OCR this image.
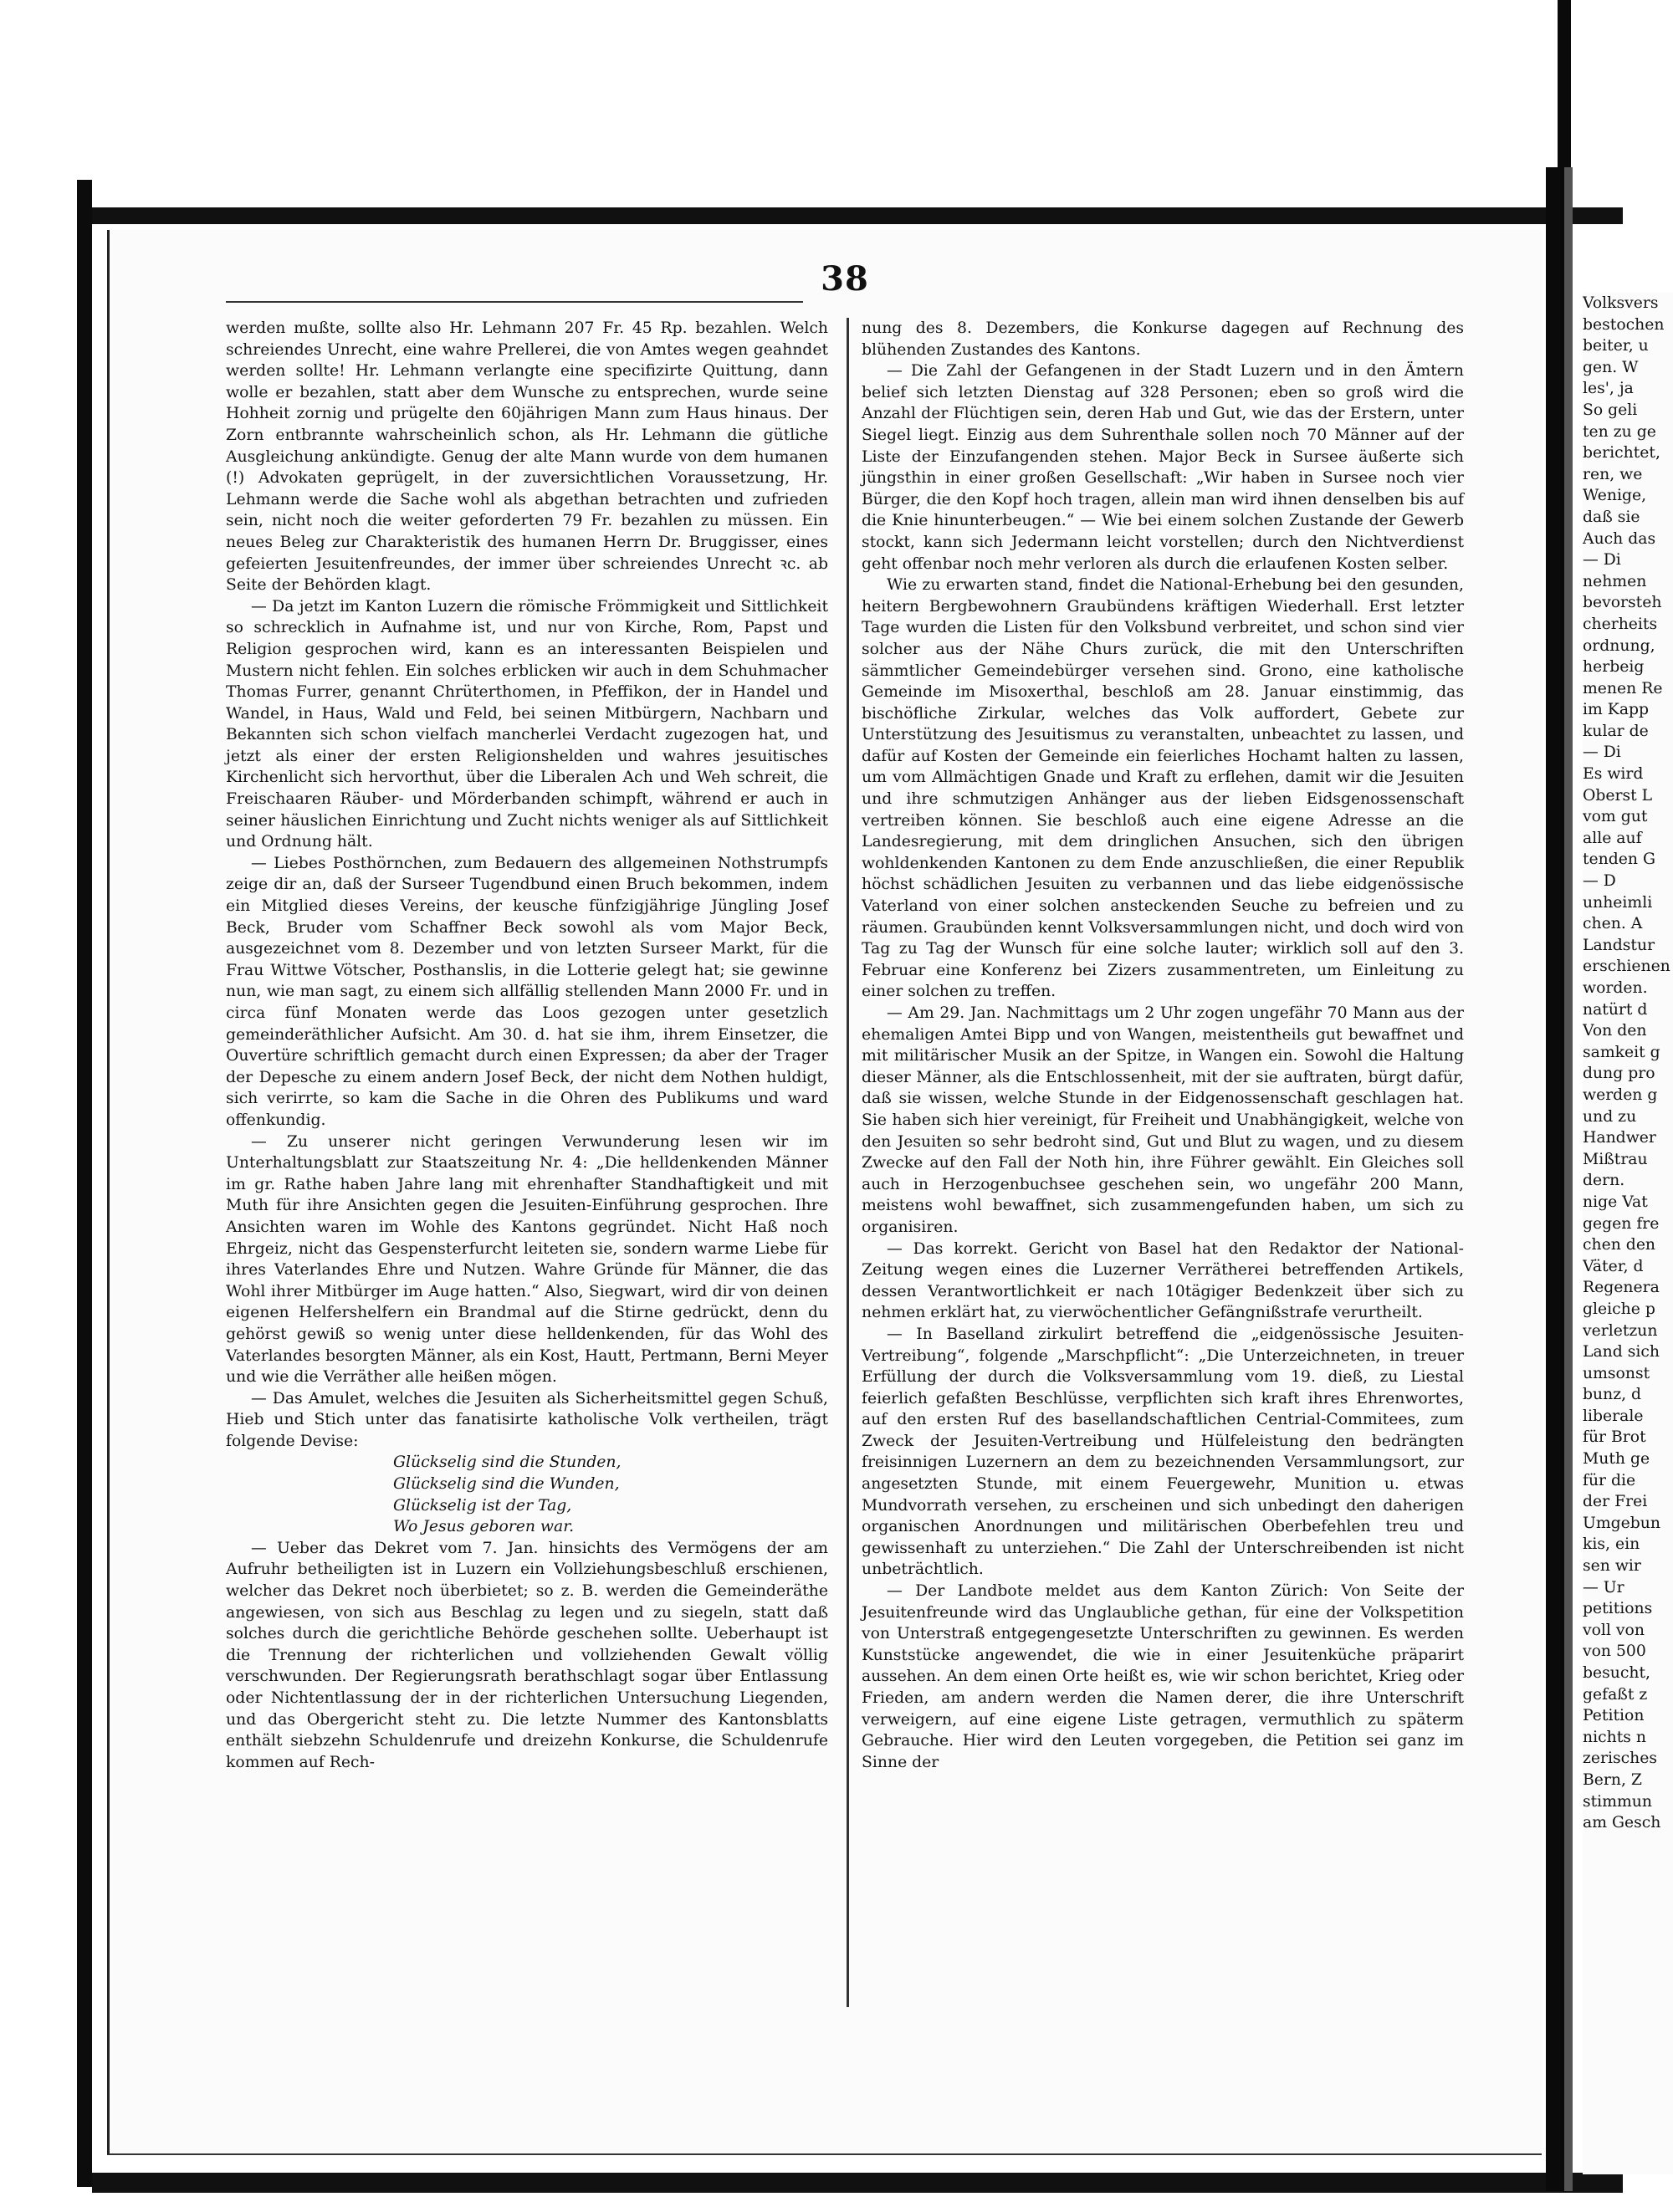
38

werden mußte, sollte also Hr. Lehmann 207 Fr. 45 Rp. bezahlen. Welch schreiendes Unrecht, eine wahre Prellerei, die von Amtes wegen geahndet werden sollte! Hr. Lehmann verlangte eine specifizirte Quittung, dann wolle er bezahlen, statt aber dem Wunsche zu entsprechen, wurde seine Hohheit zornig und prügelte den 60jährigen Mann zum Haus hinaus. Der Zorn entbrannte wahrscheinlich schon, als Hr. Lehmann die gütliche Ausgleichung ankündigte. Genug der alte Mann wurde von dem humanen (!) Advokaten geprügelt, in der zuversichtlichen Voraussetzung, Hr. Lehmann werde die Sache wohl als abgethan betrachten und zufrieden sein, nicht noch die weiter geforderten 79 Fr. bezahlen zu müssen. Ein neues Beleg zur Charakteristik des humanen Herrn Dr. Bruggisser, eines gefeierten Jesuitenfreundes, der immer über schreiendes Unrecht ꝛc. ab Seite der Behörden klagt.

— Da jetzt im Kanton Luzern die römische Frömmigkeit und Sittlichkeit so schrecklich in Aufnahme ist, und nur von Kirche, Rom, Papst und Religion gesprochen wird, kann es an interessanten Beispielen und Mustern nicht fehlen. Ein solches erblicken wir auch in dem Schuhmacher Thomas Furrer, genannt Chrüterthomen, in Pfeffikon, der in Handel und Wandel, in Haus, Wald und Feld, bei seinen Mitbürgern, Nachbarn und Bekannten sich schon vielfach mancherlei Verdacht zugezogen hat, und jetzt als einer der ersten Religionshelden und wahres jesuitisches Kirchenlicht sich hervorthut, über die Liberalen Ach und Weh schreit, die Freischaaren Räuber- und Mörderbanden schimpft, während er auch in seiner häuslichen Einrichtung und Zucht nichts weniger als auf Sittlichkeit und Ordnung hält.

— Liebes Posthörnchen, zum Bedauern des allgemeinen Nothstrumpfs zeige dir an, daß der Surseer Tugendbund einen Bruch bekommen, indem ein Mitglied dieses Vereins, der keusche fünfzigjährige Jüngling Josef Beck, Bruder vom Schaffner Beck sowohl als vom Major Beck, ausgezeichnet vom 8. Dezember und von letzten Surseer Markt, für die Frau Wittwe Vötscher, Posthanslis, in die Lotterie gelegt hat; sie gewinne nun, wie man sagt, zu einem sich allfällig stellenden Mann 2000 Fr. und in circa fünf Monaten werde das Loos gezogen unter gesetzlich gemeinderäthlicher Aufsicht. Am 30. d. hat sie ihm, ihrem Einsetzer, die Ouvertüre schriftlich gemacht durch einen Expressen; da aber der Trager der Depesche zu einem andern Josef Beck, der nicht dem Nothen huldigt, sich verirrte, so kam die Sache in die Ohren des Publikums und ward offenkundig.

— Zu unserer nicht geringen Verwunderung lesen wir im Unterhaltungsblatt zur Staatszeitung Nr. 4: „Die helldenkenden Männer im gr. Rathe haben Jahre lang mit ehrenhafter Standhaftigkeit und mit Muth für ihre Ansichten gegen die Jesuiten-Einführung gesprochen. Ihre Ansichten waren im Wohle des Kantons gegründet. Nicht Haß noch Ehrgeiz, nicht das Gespensterfurcht leiteten sie, sondern warme Liebe für ihres Vaterlandes Ehre und Nutzen. Wahre Gründe für Männer, die das Wohl ihrer Mitbürger im Auge hatten.“ Also, Siegwart, wird dir von deinen eigenen Helfershelfern ein Brandmal auf die Stirne gedrückt, denn du gehörst gewiß so wenig unter diese helldenkenden, für das Wohl des Vaterlandes besorgten Männer, als ein Kost, Hautt, Pertmann, Berni Meyer und wie die Verräther alle heißen mögen.

— Das Amulet, welches die Jesuiten als Sicherheitsmittel gegen Schuß, Hieb und Stich unter das fanatisirte katholische Volk vertheilen, trägt folgende Devise:

Glückselig sind die Stunden,

Glückselig sind die Wunden,

Glückselig ist der Tag,

Wo Jesus geboren war.

— Ueber das Dekret vom 7. Jan. hinsichts des Vermögens der am Aufruhr betheiligten ist in Luzern ein Vollziehungsbeschluß erschienen, welcher das Dekret noch überbietet; so z. B. werden die Gemeinderäthe angewiesen, von sich aus Beschlag zu legen und zu siegeln, statt daß solches durch die gerichtliche Behörde geschehen sollte. Ueberhaupt ist die Trennung der richterlichen und vollziehenden Gewalt völlig verschwunden. Der Regierungsrath berathschlagt sogar über Entlassung oder Nichtentlassung der in der richterlichen Untersuchung Liegenden, und das Obergericht steht zu. Die letzte Nummer des Kantonsblatts enthält siebzehn Schuldenrufe und dreizehn Konkurse, die Schuldenrufe kommen auf Rech-

nung des 8. Dezembers, die Konkurse dagegen auf Rechnung des blühenden Zustandes des Kantons.

— Die Zahl der Gefangenen in der Stadt Luzern und in den Ämtern belief sich letzten Dienstag auf 328 Personen; eben so groß wird die Anzahl der Flüchtigen sein, deren Hab und Gut, wie das der Erstern, unter Siegel liegt. Einzig aus dem Suhrenthale sollen noch 70 Männer auf der Liste der Einzufangenden stehen. Major Beck in Sursee äußerte sich jüngsthin in einer großen Gesellschaft: „Wir haben in Sursee noch vier Bürger, die den Kopf hoch tragen, allein man wird ihnen denselben bis auf die Knie hinunterbeugen.“ — Wie bei einem solchen Zustande der Gewerb stockt, kann sich Jedermann leicht vorstellen; durch den Nichtverdienst geht offenbar noch mehr verloren als durch die erlaufenen Kosten selber.

Wie zu erwarten stand, findet die National-Erhebung bei den gesunden, heitern Bergbewohnern Graubündens kräftigen Wiederhall. Erst letzter Tage wurden die Listen für den Volksbund verbreitet, und schon sind vier solcher aus der Nähe Churs zurück, die mit den Unterschriften sämmtlicher Gemeindebürger versehen sind. Grono, eine katholische Gemeinde im Misoxerthal, beschloß am 28. Januar einstimmig, das bischöfliche Zirkular, welches das Volk auffordert, Gebete zur Unterstützung des Jesuitismus zu veranstalten, unbeachtet zu lassen, und dafür auf Kosten der Gemeinde ein feierliches Hochamt halten zu lassen, um vom Allmächtigen Gnade und Kraft zu erflehen, damit wir die Jesuiten und ihre schmutzigen Anhänger aus der lieben Eidsgenossenschaft vertreiben können. Sie beschloß auch eine eigene Adresse an die Landesregierung, mit dem dringlichen Ansuchen, sich den übrigen wohldenkenden Kantonen zu dem Ende anzuschließen, die einer Republik höchst schädlichen Jesuiten zu verbannen und das liebe eidgenössische Vaterland von einer solchen ansteckenden Seuche zu befreien und zu räumen. Graubünden kennt Volksversammlungen nicht, und doch wird von Tag zu Tag der Wunsch für eine solche lauter; wirklich soll auf den 3. Februar eine Konferenz bei Zizers zusammentreten, um Einleitung zu einer solchen zu treffen.

— Am 29. Jan. Nachmittags um 2 Uhr zogen ungefähr 70 Mann aus der ehemaligen Amtei Bipp und von Wangen, meistentheils gut bewaffnet und mit militärischer Musik an der Spitze, in Wangen ein. Sowohl die Haltung dieser Männer, als die Entschlossenheit, mit der sie auftraten, bürgt dafür, daß sie wissen, welche Stunde in der Eidgenossenschaft geschlagen hat. Sie haben sich hier vereinigt, für Freiheit und Unabhängigkeit, welche von den Jesuiten so sehr bedroht sind, Gut und Blut zu wagen, und zu diesem Zwecke auf den Fall der Noth hin, ihre Führer gewählt. Ein Gleiches soll auch in Herzogenbuchsee geschehen sein, wo ungefähr 200 Mann, meistens wohl bewaffnet, sich zusammengefunden haben, um sich zu organisiren.

— Das korrekt. Gericht von Basel hat den Redaktor der National-Zeitung wegen eines die Luzerner Verrätherei betreffenden Artikels, dessen Verantwortlichkeit er nach 10tägiger Bedenkzeit über sich zu nehmen erklärt hat, zu vierwöchentlicher Gefängnißstrafe verurtheilt.

— In Baselland zirkulirt betreffend die „eidgenössische Jesuiten-Vertreibung“, folgende „Marschpflicht“: „Die Unterzeichneten, in treuer Erfüllung der durch die Volksversammlung vom 19. dieß, zu Liestal feierlich gefaßten Beschlüsse, verpflichten sich kraft ihres Ehrenwortes, auf den ersten Ruf des basellandschaftlichen Centrial-Commitees, zum Zweck der Jesuiten-Vertreibung und Hülfeleistung den bedrängten freisinnigen Luzernern an dem zu bezeichnenden Versammlungsort, zur angesetzten Stunde, mit einem Feuergewehr, Munition u. etwas Mundvorrath versehen, zu erscheinen und sich unbedingt den daherigen organischen Anordnungen und militärischen Oberbefehlen treu und gewissenhaft zu unterziehen.“ Die Zahl der Unterschreibenden ist nicht unbeträchtlich.

— Der Landbote meldet aus dem Kanton Zürich: Von Seite der Jesuitenfreunde wird das Unglaubliche gethan, für eine der Volkspetition von Unterstraß entgegengesetzte Unterschriften zu gewinnen. Es werden Kunststücke angewendet, die wie in einer Jesuitenküche präparirt aussehen. An dem einen Orte heißt es, wie wir schon berichtet, Krieg oder Frieden, am andern werden die Namen derer, die ihre Unterschrift verweigern, auf eine eigene Liste getragen, vermuthlich zu späterm Gebrauche. Hier wird den Leuten vorgegeben, die Petition sei ganz im Sinne der

Volksvers
bestochen
beiter, u
gen. W
les', ja
So geli
ten zu ge
berichtet,
ren, we
Wenige,
daß sie
Auch das
— Di
nehmen
bevorsteh
cherheits
ordnung,
herbeig
menen Re
im Kapp
kular de
— Di
Es wird
Oberst L
vom gut
alle auf
tenden G
— D
unheimli
chen. A
Landstur
erschienen
worden.
natürt d
Von den
samkeit g
dung pro
werden g
und zu
Handwer
Mißtrau
dern.
nige Vat
gegen fre
chen den
Väter, d
Regenera
gleiche p
verletzun
Land sich
umsonst
bunz, d
liberale
für Brot
Muth ge
für die
der Frei
Umgebun
kis, ein
sen wir
— Ur
petitions
voll von
von 500
besucht,
gefaßt z
Petition
nichts n
zerisches
Bern, Z
stimmun
am Gesch
